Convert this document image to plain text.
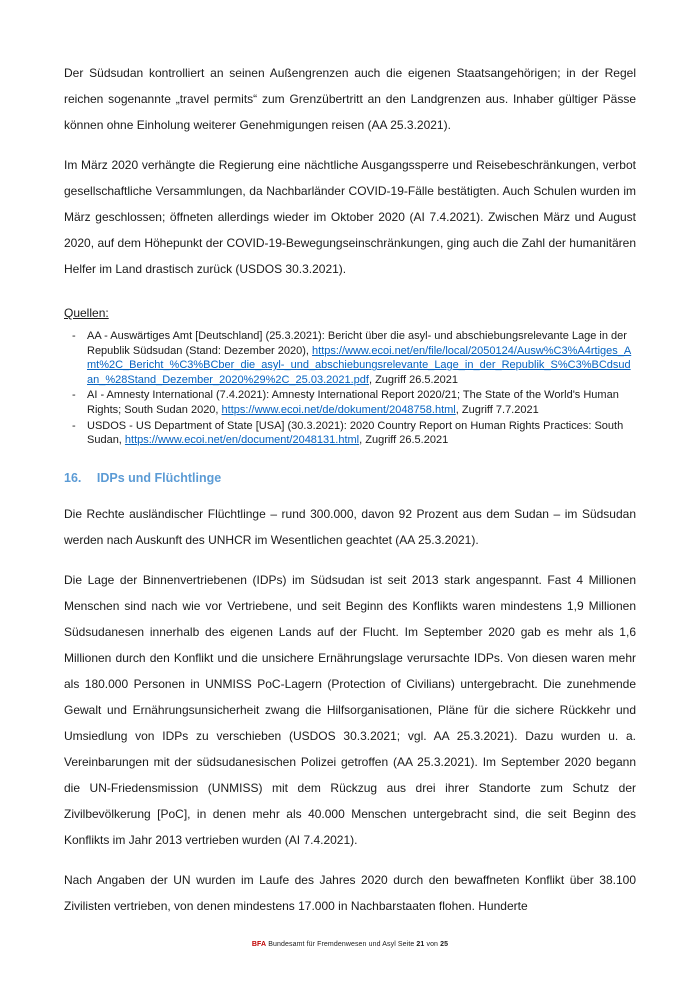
Der Südsudan kontrolliert an seinen Außengrenzen auch die eigenen Staatsangehörigen; in der Regel reichen sogenannte „travel permits“ zum Grenzübertritt an den Landgrenzen aus. Inhaber gültiger Pässe können ohne Einholung weiterer Genehmigungen reisen (AA 25.3.2021).

Im März 2020 verhängte die Regierung eine nächtliche Ausgangssperre und Reisebeschränkungen, verbot gesellschaftliche Versammlungen, da Nachbarländer COVID-19-Fälle bestätigten. Auch Schulen wurden im März geschlossen; öffneten allerdings wieder im Oktober 2020 (AI 7.4.2021). Zwischen März und August 2020, auf dem Höhepunkt der COVID-19-Bewegungseinschränkungen, ging auch die Zahl der humanitären Helfer im Land drastisch zurück (USDOS 30.3.2021).

Quellen:

-	AA - Auswärtiges Amt [Deutschland] (25.3.2021): Bericht über die asyl- und abschiebungsrelevante Lage in der Republik Südsudan (Stand: Dezember 2020), https://www.ecoi.net/en/file/local/2050124/Ausw%C3%A4rtiges_Amt%2C_Bericht_%C3%BCber_die_asyl-_und_abschiebungsrelevante_Lage_in_der_Republik_S%C3%BCdsudan_%28Stand_Dezember_2020%29%2C_25.03.2021.pdf, Zugriff 26.5.2021
-	AI - Amnesty International (7.4.2021): Amnesty International Report 2020/21; The State of the World's Human Rights; South Sudan 2020, https://www.ecoi.net/de/dokument/2048758.html, Zugriff 7.7.2021
-	USDOS - US Department of State [USA] (30.3.2021): 2020 Country Report on Human Rights Practices: South Sudan, https://www.ecoi.net/en/document/2048131.html, Zugriff 26.5.2021
16. IDPs und Flüchtlinge

Die Rechte ausländischer Flüchtlinge – rund 300.000, davon 92 Prozent aus dem Sudan – im Südsudan werden nach Auskunft des UNHCR im Wesentlichen geachtet (AA 25.3.2021).

Die Lage der Binnenvertriebenen (IDPs) im Südsudan ist seit 2013 stark angespannt. Fast 4 Millionen Menschen sind nach wie vor Vertriebene, und seit Beginn des Konflikts waren mindestens 1,9 Millionen Südsudanesen innerhalb des eigenen Lands auf der Flucht. Im September 2020 gab es mehr als 1,6 Millionen durch den Konflikt und die unsichere Ernährungslage verursachte IDPs. Von diesen waren mehr als 180.000 Personen in UNMISS PoC-Lagern (Protection of Civilians) untergebracht. Die zunehmende Gewalt und Ernährungsunsicherheit zwang die Hilfsorganisationen, Pläne für die sichere Rückkehr und Umsiedlung von IDPs zu verschieben (USDOS 30.3.2021; vgl. AA 25.3.2021). Dazu wurden u. a. Vereinbarungen mit der südsudanesischen Polizei getroffen (AA 25.3.2021). Im September 2020 begann die UN-Friedensmission (UNMISS) mit dem Rückzug aus drei ihrer Standorte zum Schutz der Zivilbevölkerung [PoC], in denen mehr als 40.000 Menschen untergebracht sind, die seit Beginn des Konflikts im Jahr 2013 vertrieben wurden (AI 7.4.2021).

Nach Angaben der UN wurden im Laufe des Jahres 2020 durch den bewaffneten Konflikt über 38.100 Zivilisten vertrieben, von denen mindestens 17.000 in Nachbarstaaten flohen. Hunderte

BFA Bundesamt für Fremdenwesen und Asyl Seite 21 von 25
